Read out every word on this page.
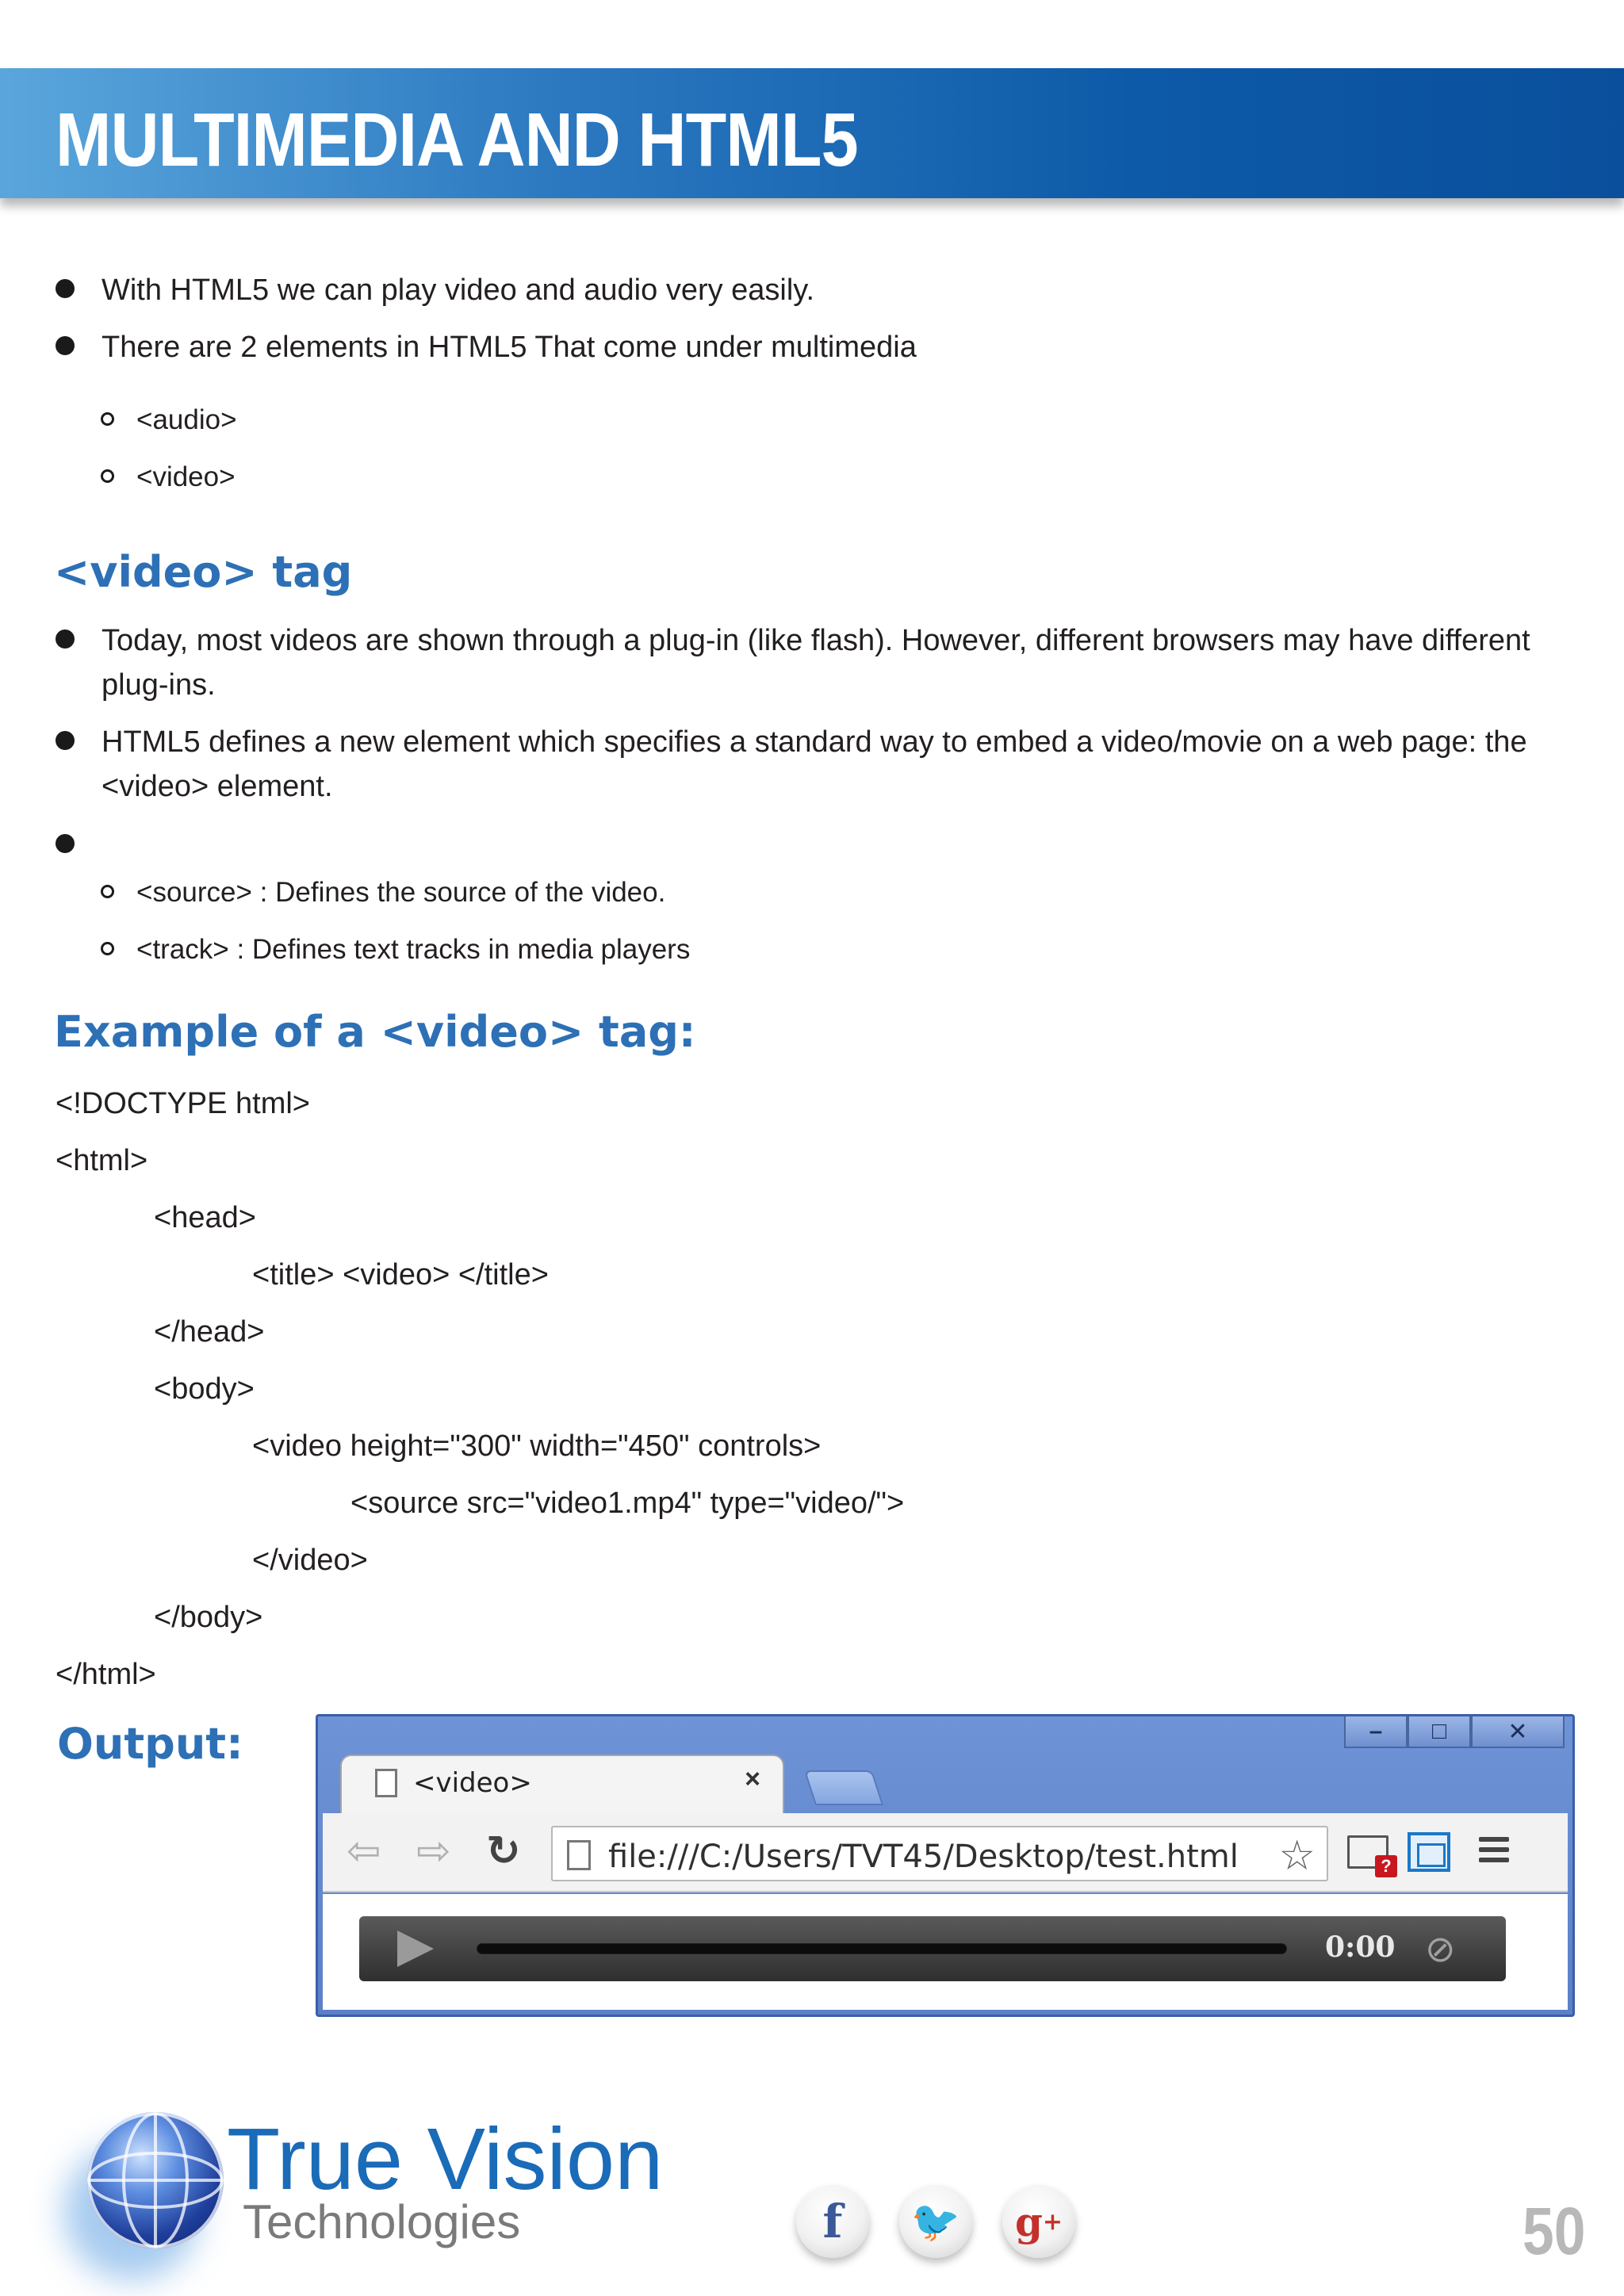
MULTIMEDIA AND HTML5
With HTML5 we can play video and audio very easily.
There are 2 elements in HTML5 That come under multimedia
<audio>
<video>
<video> tag
Today, most videos are shown through a plug-in (like flash). However, different browsers may have different plug-ins.
HTML5 defines a new element which specifies a standard way to embed a video/movie on a web page: the <video> element.
<source> : Defines the source of the video.
<track> : Defines text tracks in media players
Example of a <video> tag:
<!DOCTYPE html>
<html>
<head>
<title> <video> </title>
</head>
<body>
<video height="300" width="450" controls>
<source src="video1.mp4" type="video/">
</video>
</body>
</html>
Output:	–	□	✕
<video>	×
⇦ ⇨ ↻	file:///C:/Users/TVT45/Desktop/test.html ☆	?
0:00 ⊘
True Vision
Technologies	f	🐦	g +	50
